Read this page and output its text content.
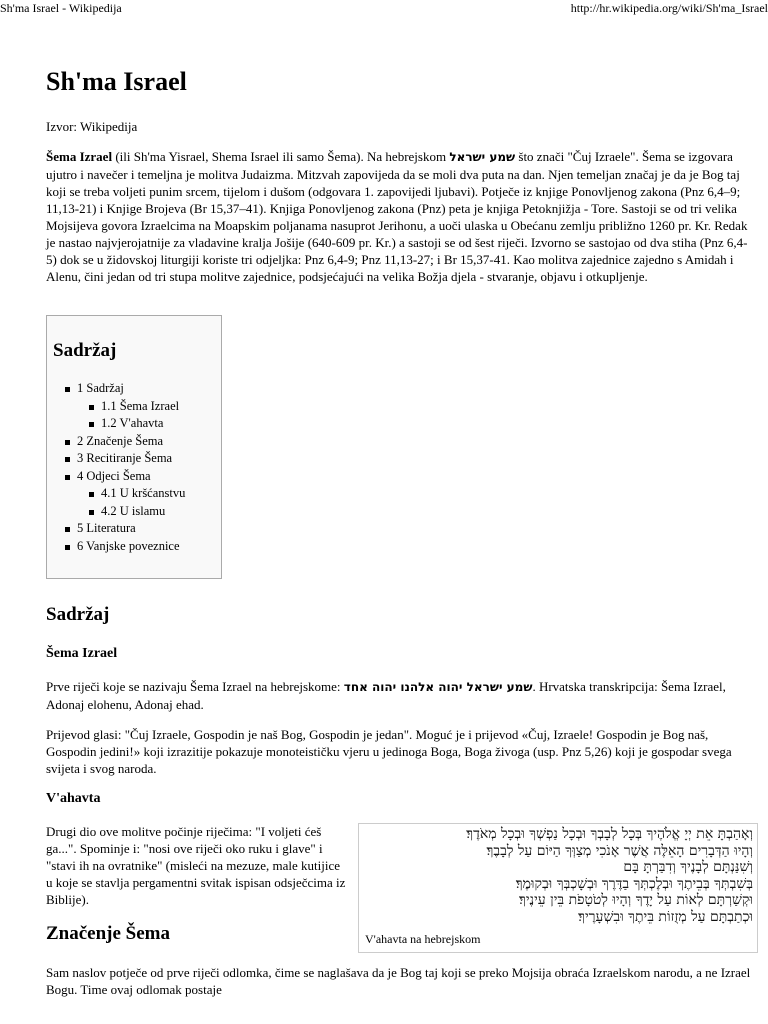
Sh'ma Israel - Wikipedija	http://hr.wikipedia.org/wiki/Sh'ma_Israel
Sh'ma Israel
Izvor: Wikipedija

Šema Izrael (ili Sh'ma Yisrael, Shema Israel ili samo Šema). Na hebrejskom שמע ישראל što znači "Čuj Izraele". Šema se izgovara ujutro i navečer i temeljna je molitva Judaizma. Mitzvah zapovijeda da se moli dva puta na dan. Njen temeljan značaj je da je Bog taj koji se treba voljeti punim srcem, tijelom i dušom (odgovara 1. zapovijedi ljubavi). Potječe iz knjige Ponovljenog zakona (Pnz 6,4–9; 11,13-21) i Knjige Brojeva (Br 15,37–41). Knjiga Ponovljenog zakona (Pnz) peta je knjiga Petoknjižja - Tore. Sastoji se od tri velika Mojsijeva govora Izraelcima na Moapskim poljanama nasuprot Jerihonu, a uoči ulaska u Obećanu zemlju približno 1260 pr. Kr. Redak je nastao najvjerojatnije za vladavine kralja Jošije (640-609 pr. Kr.) a sastoji se od šest riječi. Izvorno se sastojao od dva stiha (Pnz 6,4-5) dok se u židovskoj liturgiji koriste tri odjeljka: Pnz 6,4-9; Pnz 11,13-27; i Br 15,37-41. Kao molitva zajednice zajedno s Amidah i Alenu, čini jedan od tri stupa molitve zajednice, podsjećajući na velika Božja djela - stvaranje, objavu i otkupljenje.

Sadržaj
1 Sadržaj
1.1 Šema Izrael
1.2 V'ahavta
2 Značenje Šema
3 Recitiranje Šema
4 Odjeci Šema
4.1 U kršćanstvu
4.2 U islamu
5 Literatura
6 Vanjske poveznice
Sadržaj
Šema Izrael

Prve riječi koje se nazivaju Šema Izrael na hebrejskome: שמע ישראל יהוה אלהנו יהוה אחד. Hrvatska transkripcija: Šema Izrael, Adonaj elohenu, Adonaj ehad.

Prijevod glasi: "Čuj Izraele, Gospodin je naš Bog, Gospodin je jedan". Moguć je i prijevod «Čuj, Izraele! Gospodin je Bog naš, Gospodin jedini!» koji izrazitije pokazuje monoteističku vjeru u jedinoga Boga, Boga živoga (usp. Pnz 5,26) koji je gospodar svega svijeta i svog naroda.

V'ahavta
וְאָהַבְתָּ אֵת יְיָ אֱלֹהֶיךָ בְּכָל לְבָבְךָ וּבְכָל נַפְשְׁךָ וּבְכָל מְאֹדֶךָ׃
וְהָיוּ הַדְּבָרִים הָאֵלֶּה אֲשֶׁר אָנֹכִי מְצַוְּךָ הַיּוֹם עַל לְבָבֶךָ׃
וְשִׁנַּנְתָּם לְבָנֶיךָ וְדִבַּרְתָּ בָּם
בְּשִׁבְתְּךָ בְּבֵיתֶךָ וּבְלֶכְתְּךָ בַדֶּרֶךְ וּבְשָׁכְבְּךָ וּבְקוּמֶךָ׃
וּקְשַׁרְתָּם לְאוֹת עַל יָדֶךָ וְהָיוּ לְטֹטָפֹת בֵּין עֵינֶיךָ׃
וּכְתַבְתָּם עַל מְזֻזוֹת בֵּיתֶךָ וּבִשְׁעָרֶיךָ׃
V'ahavta na hebrejskom

Drugi dio ove molitve počinje riječima: "I voljeti ćeš ga...". Spominje i: "nosi ove riječi oko ruku i glave" i "stavi ih na ovratnike" (misleći na mezuze, male kutijice u koje se stavlja pergamentni svitak ispisan odsječcima iz Biblije).

Značenje Šema

Sam naslov potječe od prve riječi odlomka, čime se naglašava da je Bog taj koji se preko Mojsija obraća Izraelskom narodu, a ne Izrael Bogu. Time ovaj odlomak postaje
